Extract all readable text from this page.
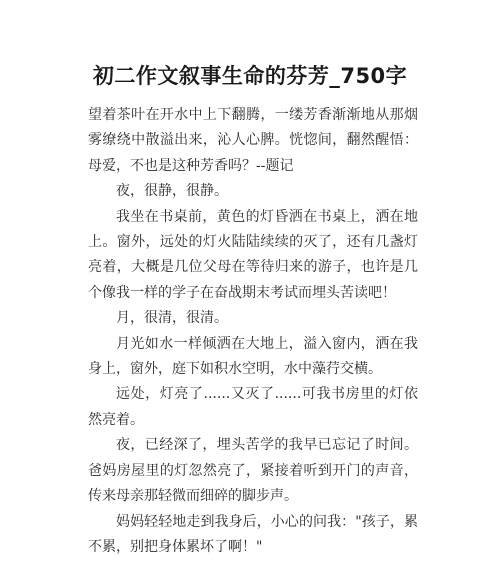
初二作文叙事生命的芬芳_750字

望着茶叶在开水中上下翻腾，一缕芳香渐渐地从那烟雾缭绕中散溢出来，沁人心脾。恍惚间，翻然醒悟：母爱，不也是这种芳香吗？--题记

夜，很静，很静。

我坐在书桌前，黄色的灯昏洒在书桌上，洒在地上。窗外，远处的灯火陆陆续续的灭了，还有几盏灯亮着，大概是几位父母在等待归来的游子，也许是几个像我一样的学子在奋战期末考试而埋头苦读吧！

月，很清，很清。

月光如水一样倾洒在大地上，溢入窗内，洒在我身上，窗外，庭下如积水空明，水中藻荇交横。

远处，灯亮了......又灭了......可我书房里的灯依然亮着。

夜，已经深了，埋头苦学的我早已忘记了时间。爸妈房屋里的灯忽然亮了，紧接着听到开门的声音，传来母亲那轻微而细碎的脚步声。

妈妈轻轻地走到我身后，小心的问我："孩子，累不累，别把身体累坏了啊！"
